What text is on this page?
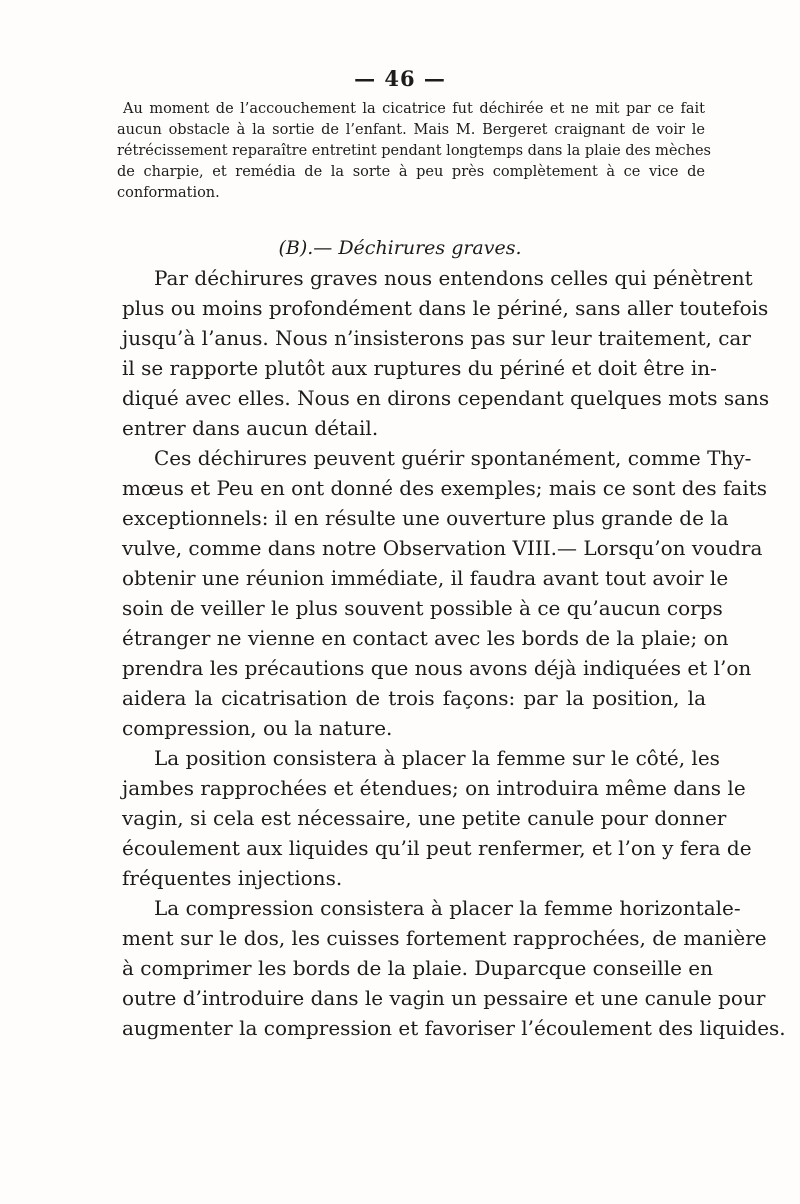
— 46 —
Au moment de l’accouchement la cicatrice fut déchirée et ne mit par ce fait
aucun obstacle à la sortie de l’enfant. Mais M. Bergeret craignant de voir le
rétrécissement reparaître entretint pendant longtemps dans la plaie des mèches
de charpie, et remédia de la sorte à peu près complètement à ce vice de
conformation.
(B).— Déchirures graves.
Par déchirures graves nous entendons celles qui pénètrent
plus ou moins profondément dans le périné, sans aller toutefois
jusqu’à l’anus. Nous n’insisterons pas sur leur traitement, car
il se rapporte plutôt aux ruptures du périné et doit être in-
diqué avec elles. Nous en dirons cependant quelques mots sans
entrer dans aucun détail.
Ces déchirures peuvent guérir spontanément, comme Thy-
mœus et Peu en ont donné des exemples; mais ce sont des faits
exceptionnels: il en résulte une ouverture plus grande de la
vulve, comme dans notre Observation VIII.— Lorsqu’on voudra
obtenir une réunion immédiate, il faudra avant tout avoir le
soin de veiller le plus souvent possible à ce qu’aucun corps
étranger ne vienne en contact avec les bords de la plaie; on
prendra les précautions que nous avons déjà indiquées et l’on
aidera la cicatrisation de trois façons: par la position, la
compression, ou la nature.
La position consistera à placer la femme sur le côté, les
jambes rapprochées et étendues; on introduira même dans le
vagin, si cela est nécessaire, une petite canule pour donner
écoulement aux liquides qu’il peut renfermer, et l’on y fera de
fréquentes injections.
La compression consistera à placer la femme horizontale-
ment sur le dos, les cuisses fortement rapprochées, de manière
à comprimer les bords de la plaie. Duparcque conseille en
outre d’introduire dans le vagin un pessaire et une canule pour
augmenter la compression et favoriser l’écoulement des liquides.
